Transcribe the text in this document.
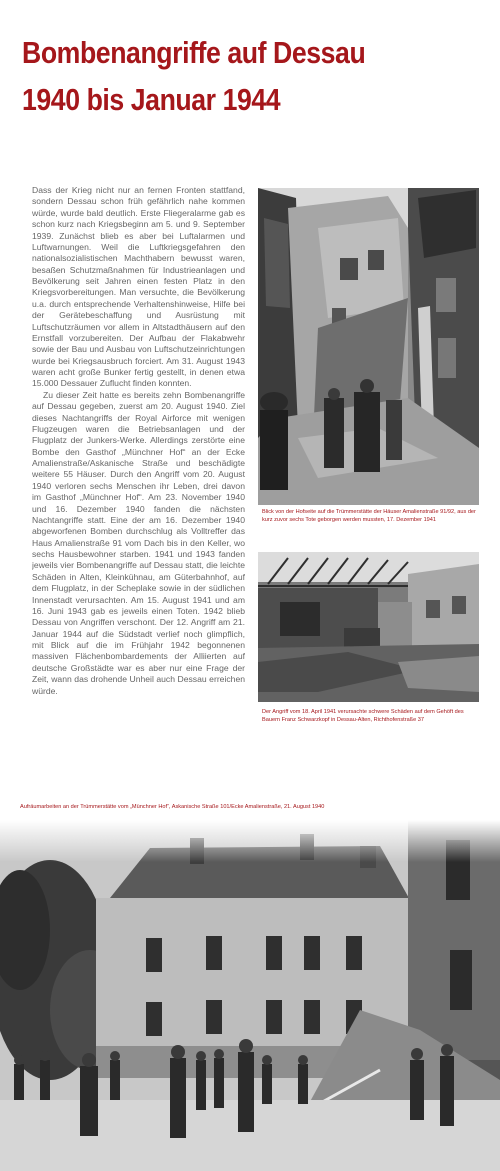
Bombenangriffe auf Dessau
1940 bis Januar 1944

Dass der Krieg nicht nur an fernen Fronten stattfand, sondern Dessau schon früh gefährlich nahe kommen würde, wurde bald deutlich. Erste Fliegeralarme gab es schon kurz nach Kriegsbeginn am 5. und 9. September 1939. Zunächst blieb es aber bei Luftalarmen und Luftwarnungen. Weil die Luftkriegsgefahren den nationalsozialistischen Machthabern bewusst waren, besaßen Schutzmaßnahmen für Industrieanlagen und Bevölkerung seit Jahren einen festen Platz in den Kriegsvorbereitungen. Man versuchte, die Bevölkerung u.a. durch entsprechende Verhaltenshinweise, Hilfe bei der Gerätebeschaffung und Ausrüstung mit Luftschutzräumen vor allem in Altstadthäusern auf den Ernstfall vorzubereiten. Der Aufbau der Flakabwehr sowie der Bau und Ausbau von Luftschutzeinrichtungen wurde bei Kriegsausbruch forciert. Am 31. August 1943 waren acht große Bunker fertig gestellt, in denen etwa 15.000 Dessauer Zuflucht finden konnten.

Zu dieser Zeit hatte es bereits zehn Bombenangriffe auf Dessau gegeben, zuerst am 20. August 1940. Ziel dieses Nachtangriffs der Royal Airforce mit wenigen Flugzeugen waren die Betriebsanlagen und der Flugplatz der Junkers-Werke. Allerdings zerstörte eine Bombe den Gasthof „Münchner Hof“ an der Ecke Amalienstraße/Askanische Straße und beschädigte weitere 55 Häuser. Durch den Angriff vom 20. August 1940 verloren sechs Menschen ihr Leben, drei davon im Gasthof „Münchner Hof“. Am 23. November 1940 und 16. Dezember 1940 fanden die nächsten Nachtangriffe statt. Eine der am 16. Dezember 1940 abgeworfenen Bomben durchschlug als Volltreffer das Haus Amalienstraße 91 vom Dach bis in den Keller, wo sechs Hausbewohner starben. 1941 und 1943 fanden jeweils vier Bombenangriffe auf Dessau statt, die leichte Schäden in Alten, Kleinkühnau, am Güterbahnhof, auf dem Flugplatz, in der Scheplake sowie in der südlichen Innenstadt verursachten. Am 15. August 1941 und am 16. Juni 1943 gab es jeweils einen Toten. 1942 blieb Dessau von Angriffen verschont. Der 12. Angriff am 21. Januar 1944 auf die Südstadt verlief noch glimpflich, mit Blick auf die im Frühjahr 1942 begonnenen massiven Flächenbombardements der Alliierten auf deutsche Großstädte war es aber nur eine Frage der Zeit, wann das drohende Unheil auch Dessau erreichen würde.

Blick von der Hofseite auf die Trümmerstätte der Häuser Amalienstraße 91/92, aus der kurz zuvor sechs Tote geborgen werden mussten, 17. Dezember 1941
Der Angriff vom 18. April 1941 verursachte schwere Schäden auf dem Gehöft des Bauern Franz Schwarzkopf in Dessau-Alten, Richthofenstraße 37
Aufräumarbeiten an der Trümmerstätte vom „Münchner Hof“, Askanische Straße 101/Ecke Amalienstraße, 21. August 1940
